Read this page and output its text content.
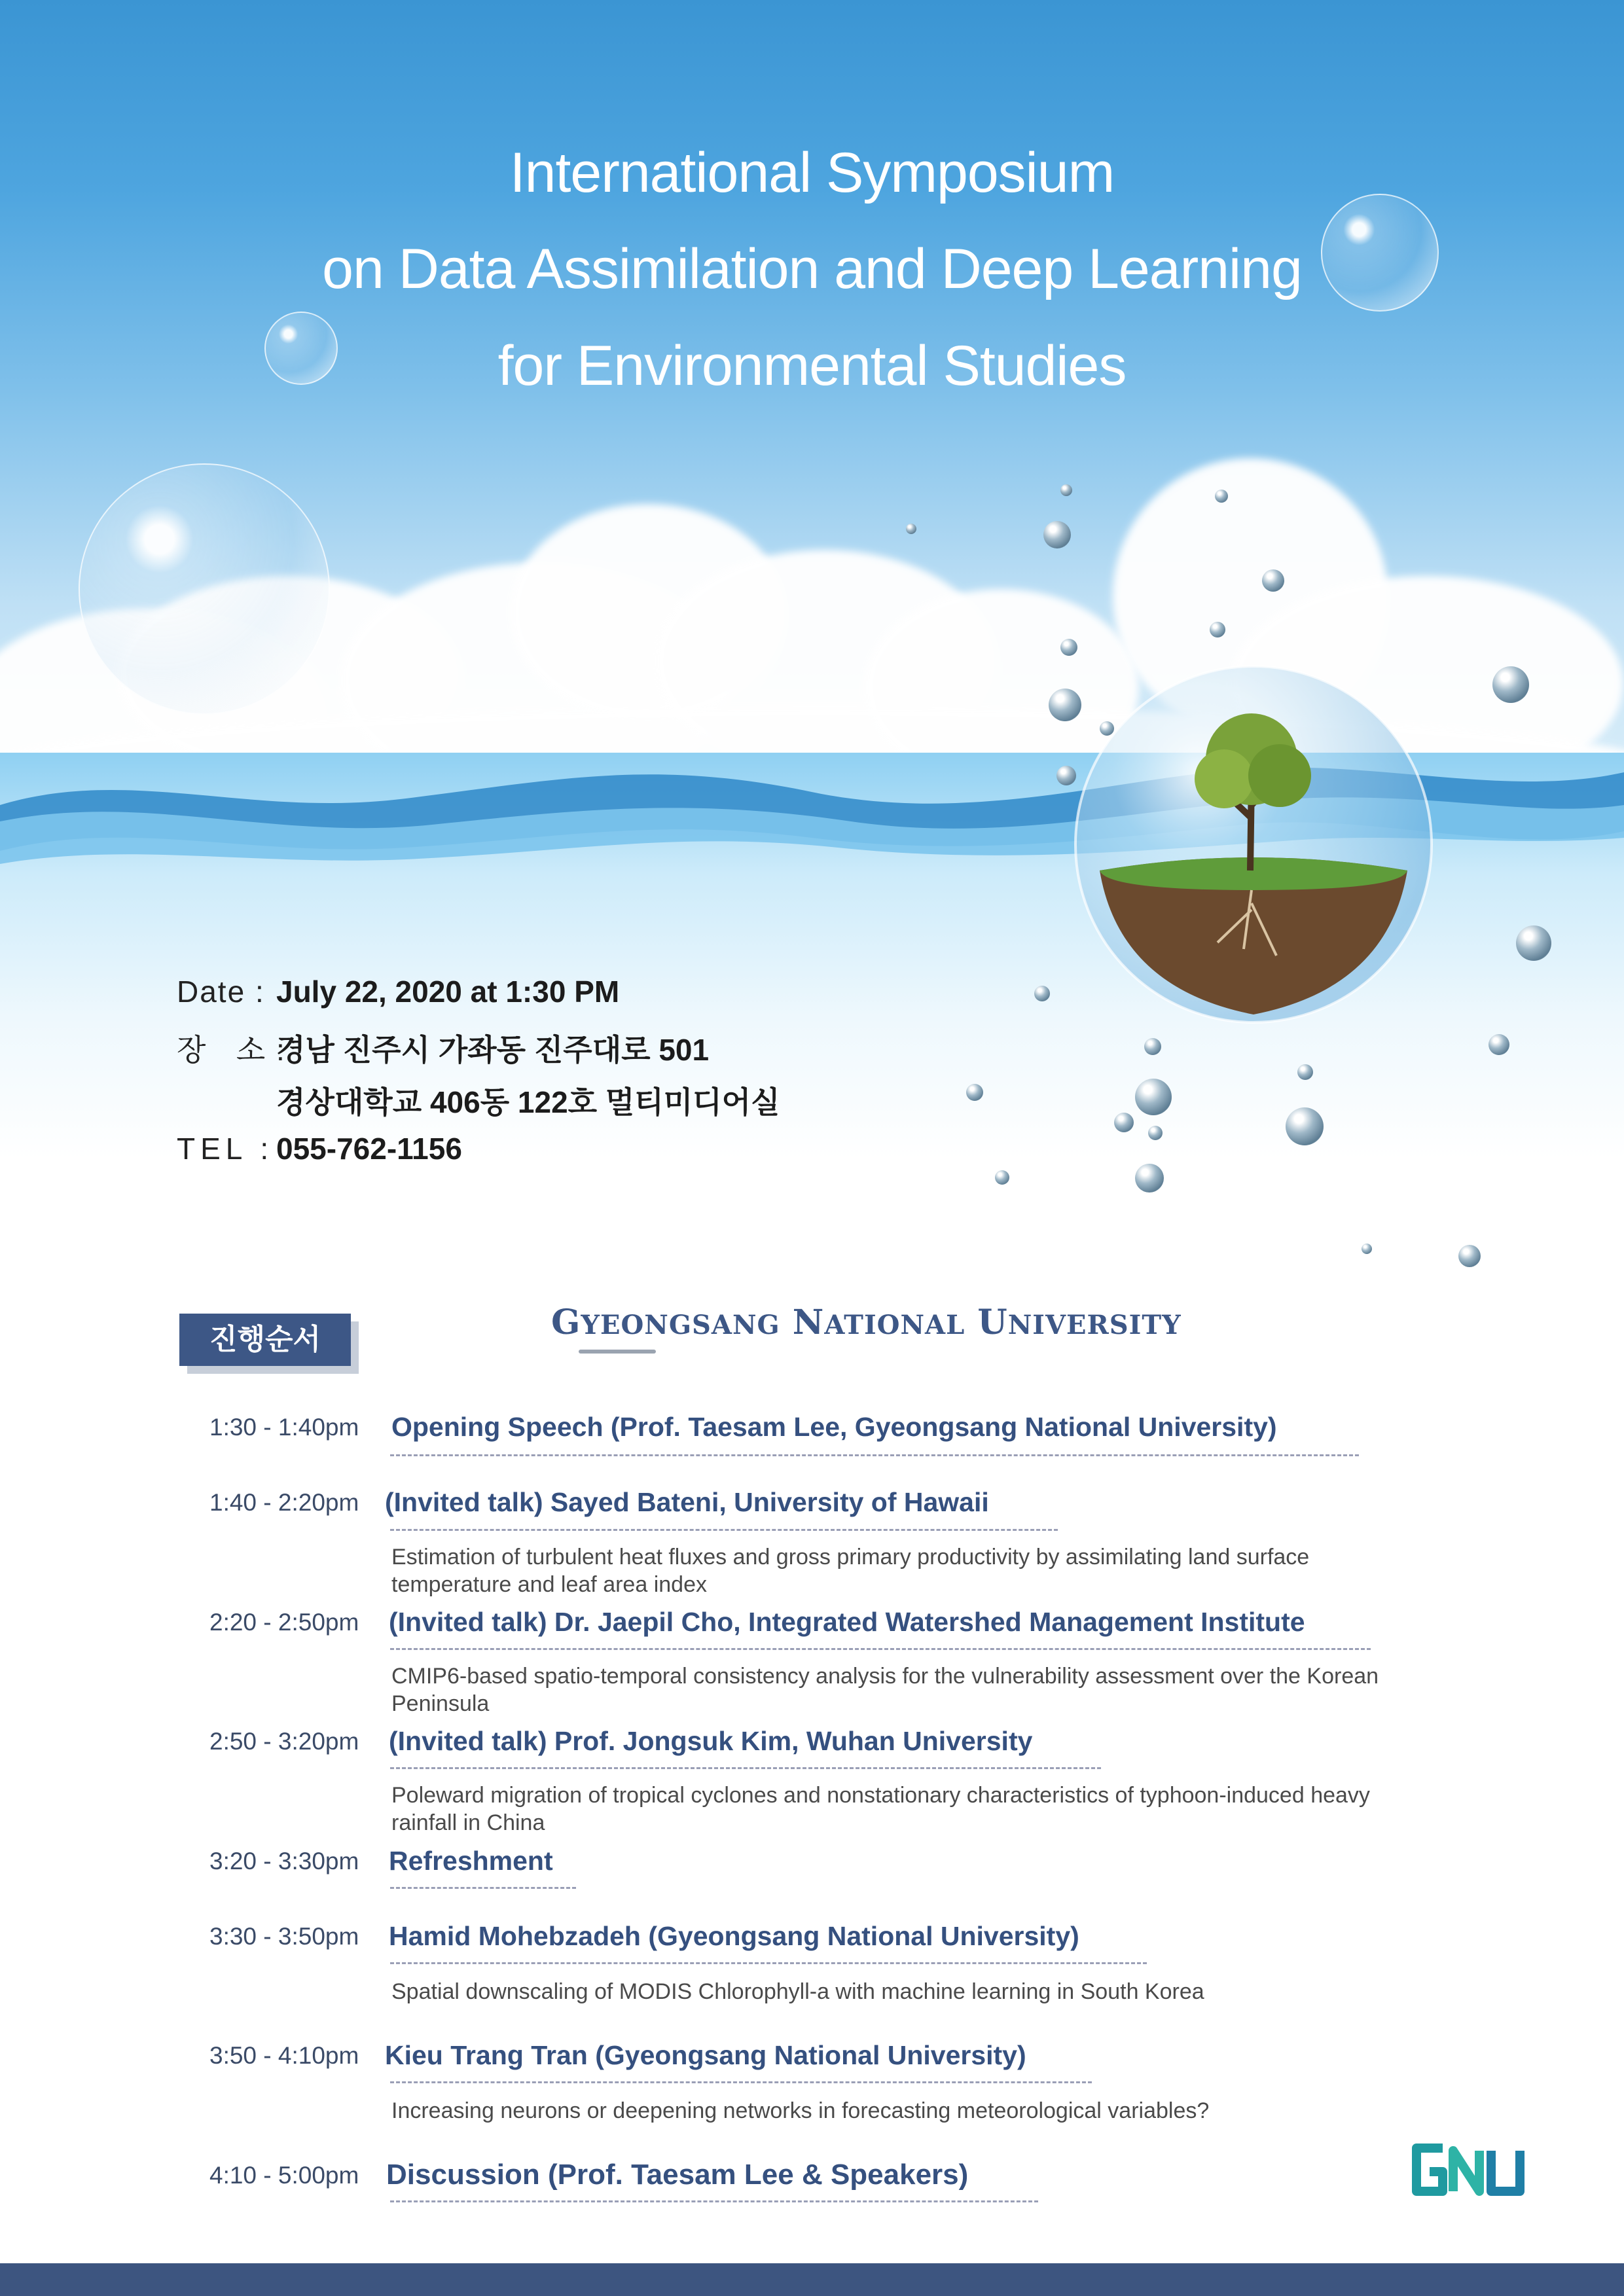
International Symposium
on Data Assimilation and Deep Learning
for Environmental Studies
Date : July 22, 2020 at 1:30 PM
장   소 :경남 진주시 가좌동 진주대로 501
경상대학교 406동 122호 멀티미디어실
TEL :055-762-1156
진행순서	GYEONGSANG NATIONAL UNIVERSITY
1:30 - 1:40pm Opening Speech (Prof. Taesam Lee, Gyeongsang National University)
1:40 - 2:20pm (Invited talk) Sayed Bateni, University of Hawaii
Estimation of turbulent heat fluxes and gross primary productivity by assimilating land surface temperature and leaf area index
2:20 - 2:50pm (Invited talk) Dr. Jaepil Cho, Integrated Watershed Management Institute
CMIP6-based spatio-temporal consistency analysis for the vulnerability assessment over the Korean Peninsula
2:50 - 3:20pm (Invited talk) Prof. Jongsuk Kim, Wuhan University
Poleward migration of tropical cyclones and nonstationary characteristics of typhoon-induced heavy rainfall in China
3:20 - 3:30pm Refreshment
3:30 - 3:50pm Hamid Mohebzadeh (Gyeongsang National University)
Spatial downscaling of MODIS Chlorophyll-a with machine learning in South Korea
3:50 - 4:10pm Kieu Trang Tran (Gyeongsang National University)
Increasing neurons or deepening networks in forecasting meteorological variables?
4:10 - 5:00pm Discussion (Prof. Taesam Lee & Speakers)
